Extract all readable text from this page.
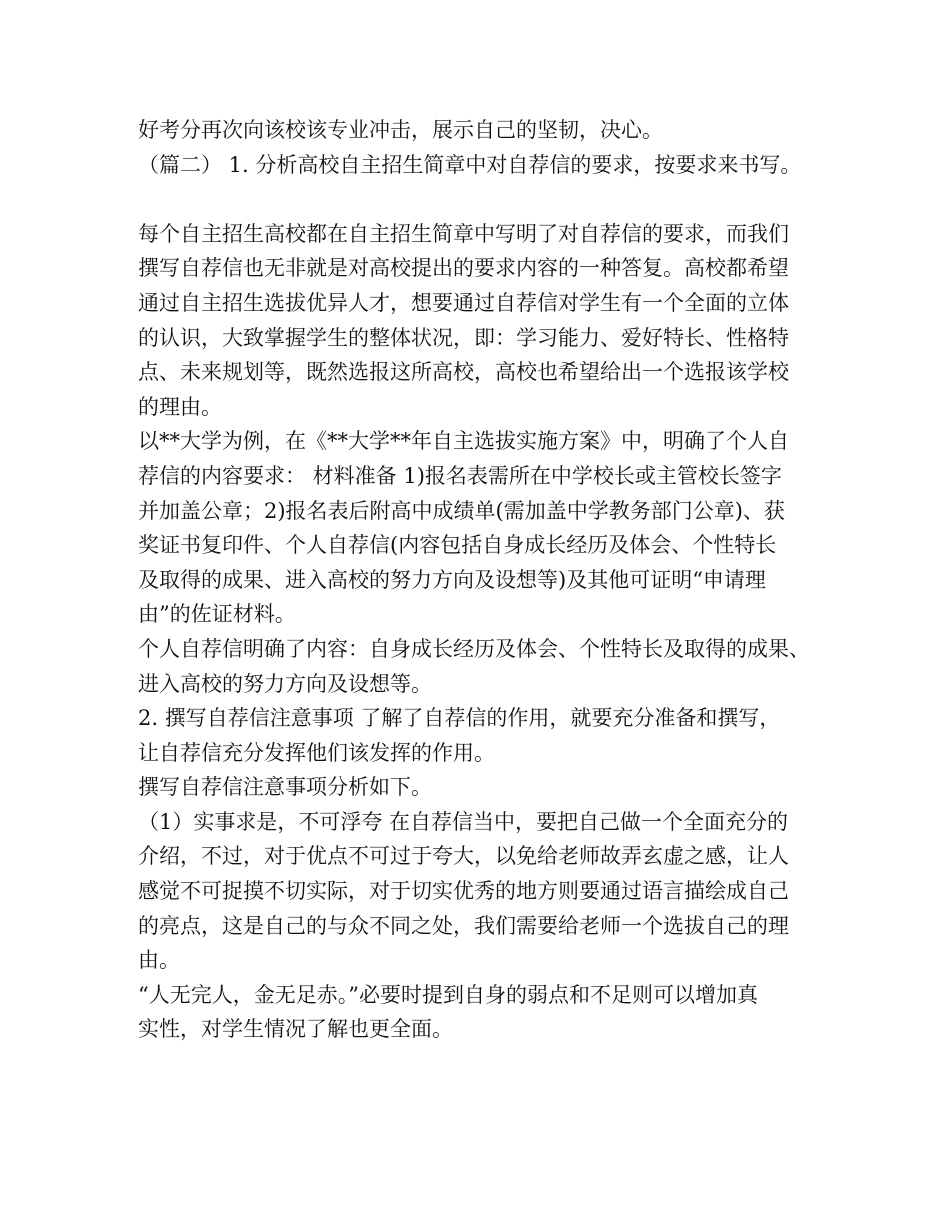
好考分再次向该校该专业冲击，展示自己的坚韧，决心。
（篇二） 1. 分析高校自主招生简章中对自荐信的要求，按要求来书写。
每个自主招生高校都在自主招生简章中写明了对自荐信的要求，而我们
撰写自荐信也无非就是对高校提出的要求内容的一种答复。高校都希望
通过自主招生选拔优异人才，想要通过自荐信对学生有一个全面的立体
的认识，大致掌握学生的整体状况，即：学习能力、爱好特长、性格特
点、未来规划等，既然选报这所高校，高校也希望给出一个选报该学校
的理由。
以**大学为例，在《**大学**年自主选拔实施方案》中，明确了个人自
荐信的内容要求： 材料准备 1)报名表需所在中学校长或主管校长签字
并加盖公章；2)报名表后附高中成绩单(需加盖中学教务部门公章)、获
奖证书复印件、个人自荐信(内容包括自身成长经历及体会、个性特长
及取得的成果、进入高校的努力方向及设想等)及其他可证明“申请理
由”的佐证材料。
个人自荐信明确了内容：自身成长经历及体会、个性特长及取得的成果、
进入高校的努力方向及设想等。
2. 撰写自荐信注意事项 了解了自荐信的作用，就要充分准备和撰写，
让自荐信充分发挥他们该发挥的作用。
撰写自荐信注意事项分析如下。
（1）实事求是，不可浮夸 在自荐信当中，要把自己做一个全面充分的
介绍，不过，对于优点不可过于夸大，以免给老师故弄玄虚之感，让人
感觉不可捉摸不切实际，对于切实优秀的地方则要通过语言描绘成自己
的亮点，这是自己的与众不同之处，我们需要给老师一个选拔自己的理
由。
“人无完人，金无足赤。”必要时提到自身的弱点和不足则可以增加真
实性，对学生情况了解也更全面。
